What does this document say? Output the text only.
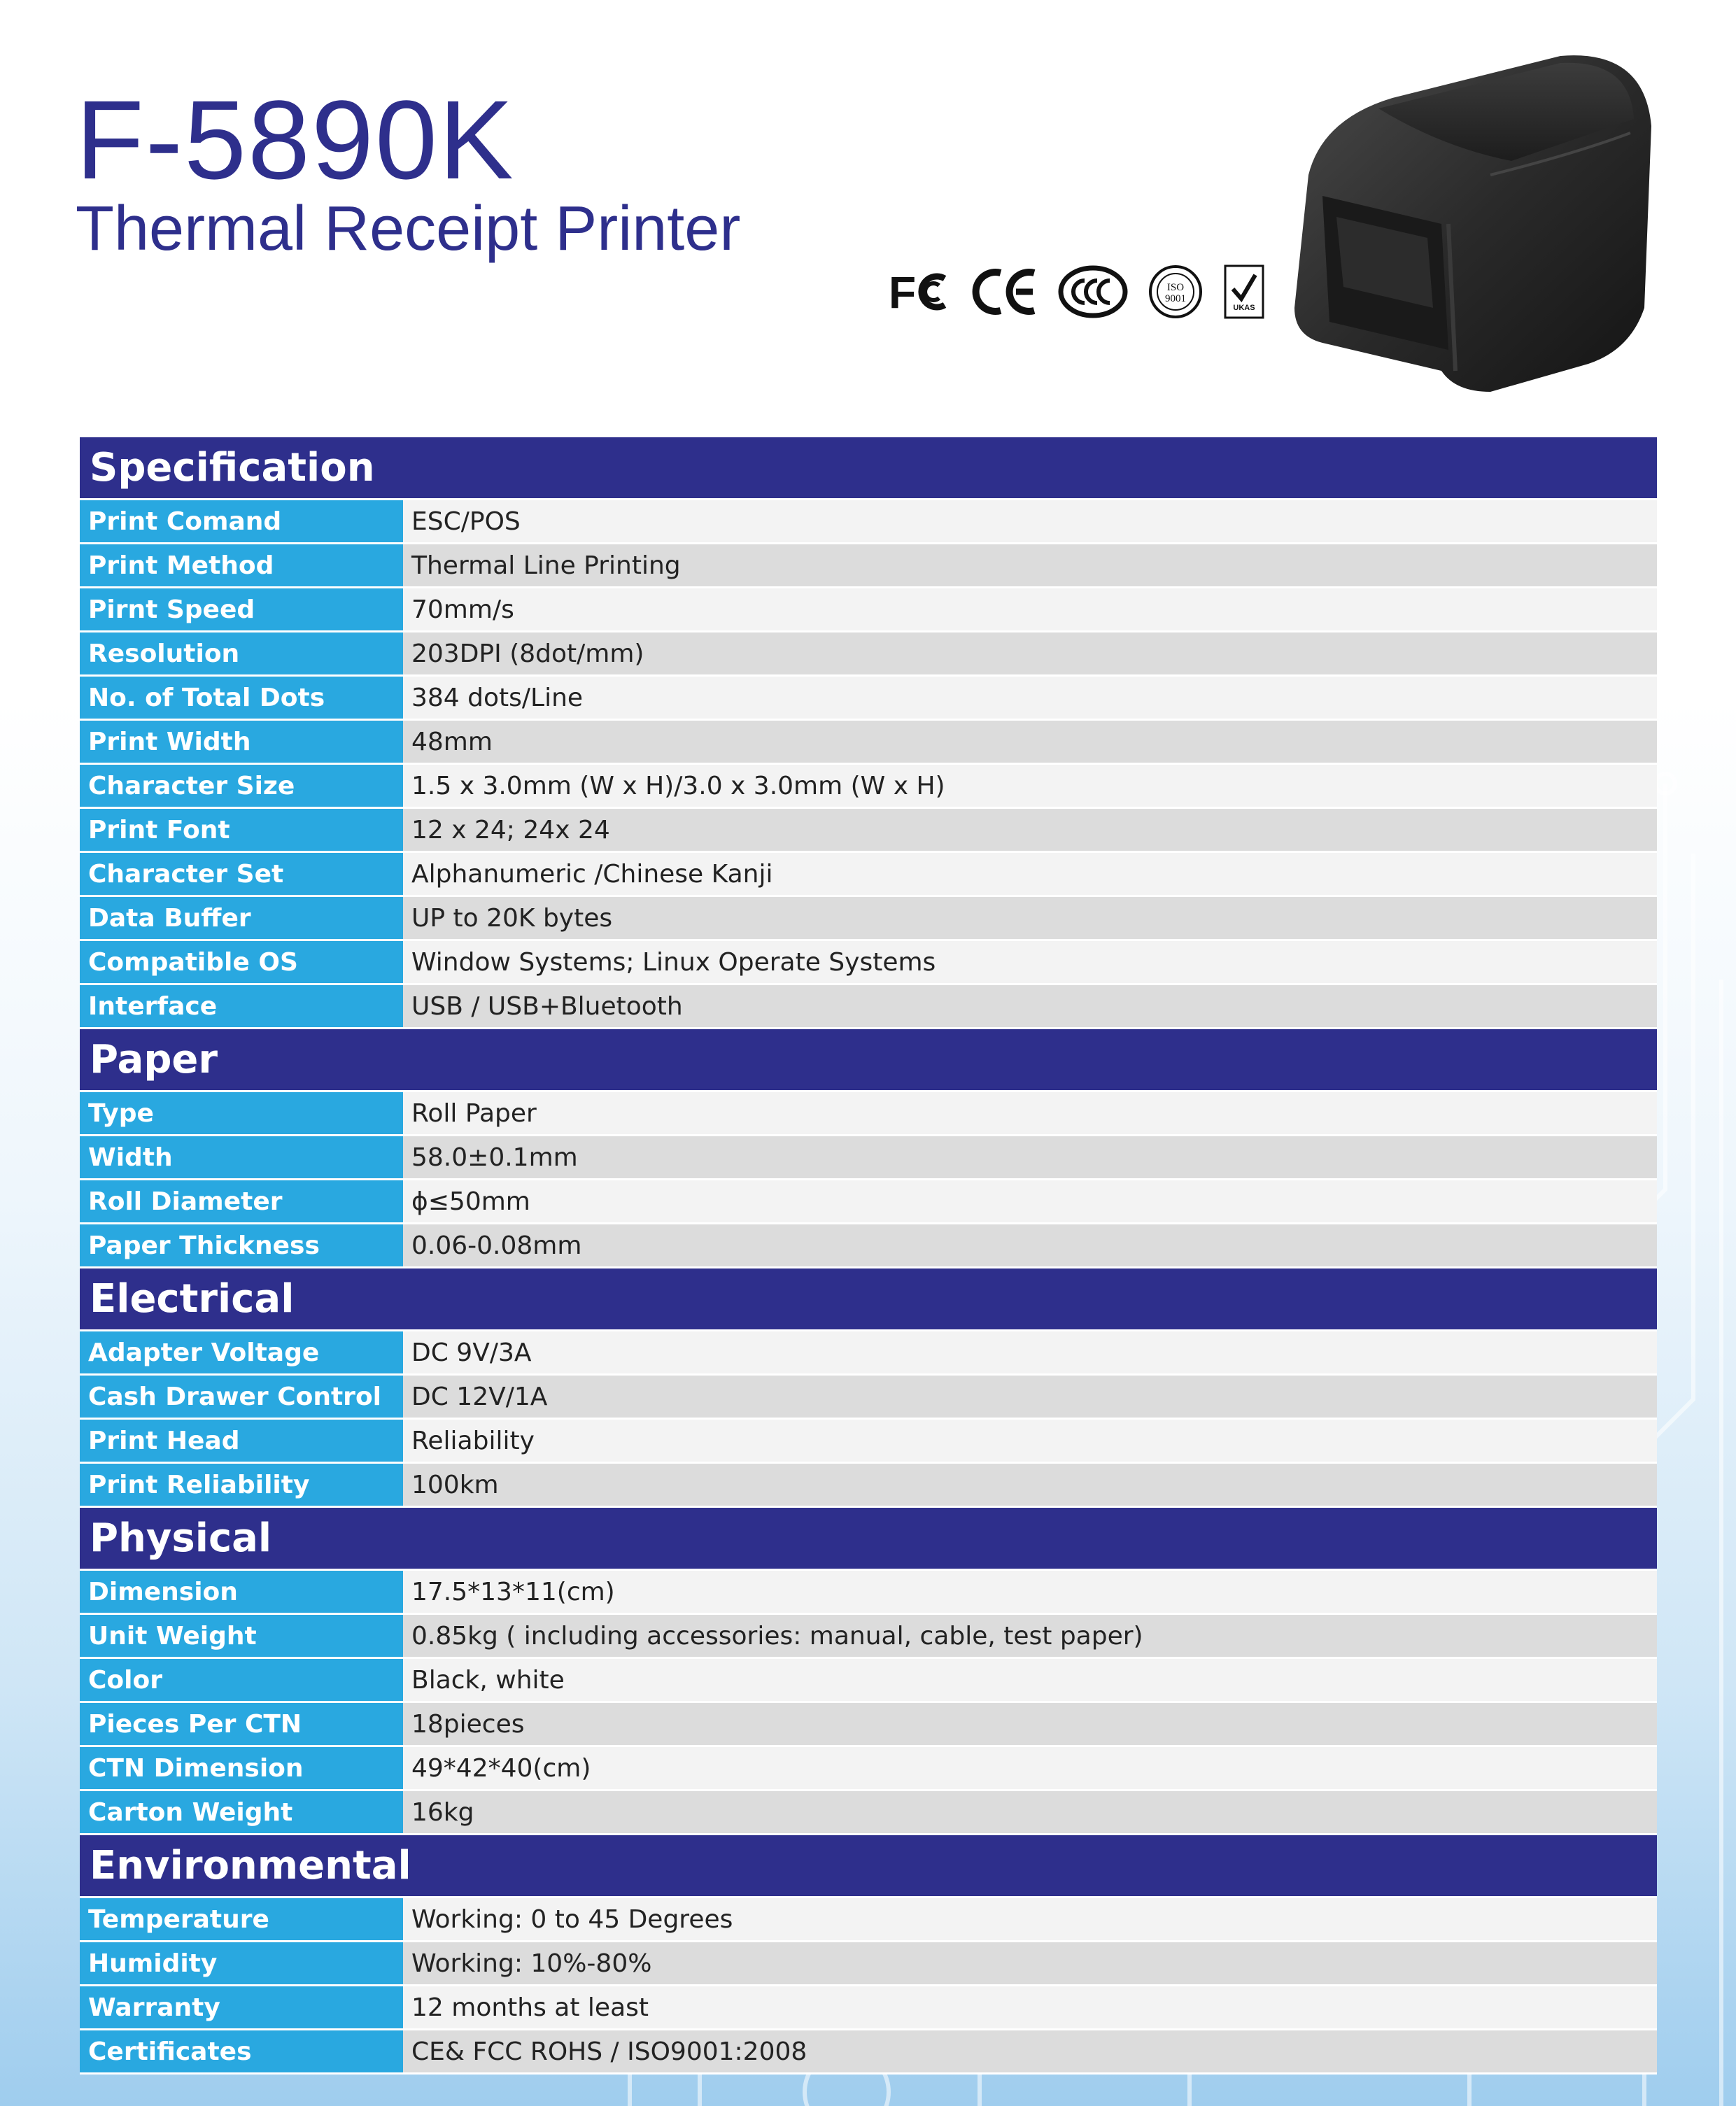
F-5890K
Thermal Receipt Printer
F	ISO
9001
UKAS
Specification	
Print Comand	ESC/POS
Print Method	Thermal Line Printing
Pirnt Speed	70mm/s
Resolution	203DPI (8dot/mm)
No. of Total Dots	384 dots/Line
Print Width	48mm
Character Size	1.5 x 3.0mm (W x H)/3.0 x 3.0mm (W x H)
Print Font	12 x 24; 24x 24
Character Set	Alphanumeric /Chinese Kanji
Data Buffer	UP to 20K bytes
Compatible OS	Window Systems; Linux Operate Systems
Interface	USB / USB+Bluetooth
Paper	
Type	Roll Paper
Width	58.0±0.1mm
Roll Diameter	ϕ≤50mm
Paper Thickness	0.06-0.08mm
Electrical	
Adapter Voltage	DC 9V/3A
Cash Drawer Control	DC 12V/1A
Print Head	Reliability
Print Reliability	100km
Physical	
Dimension	17.5*13*11(cm)
Unit Weight	0.85kg ( including accessories: manual, cable, test paper)
Color	Black, white
Pieces Per CTN	18pieces
CTN Dimension	49*42*40(cm)
Carton Weight	16kg
Environmental	
Temperature	Working: 0 to 45 Degrees
Humidity	Working: 10%-80%
Warranty	12 months at least
Certificates	CE& FCC ROHS / ISO9001:2008
